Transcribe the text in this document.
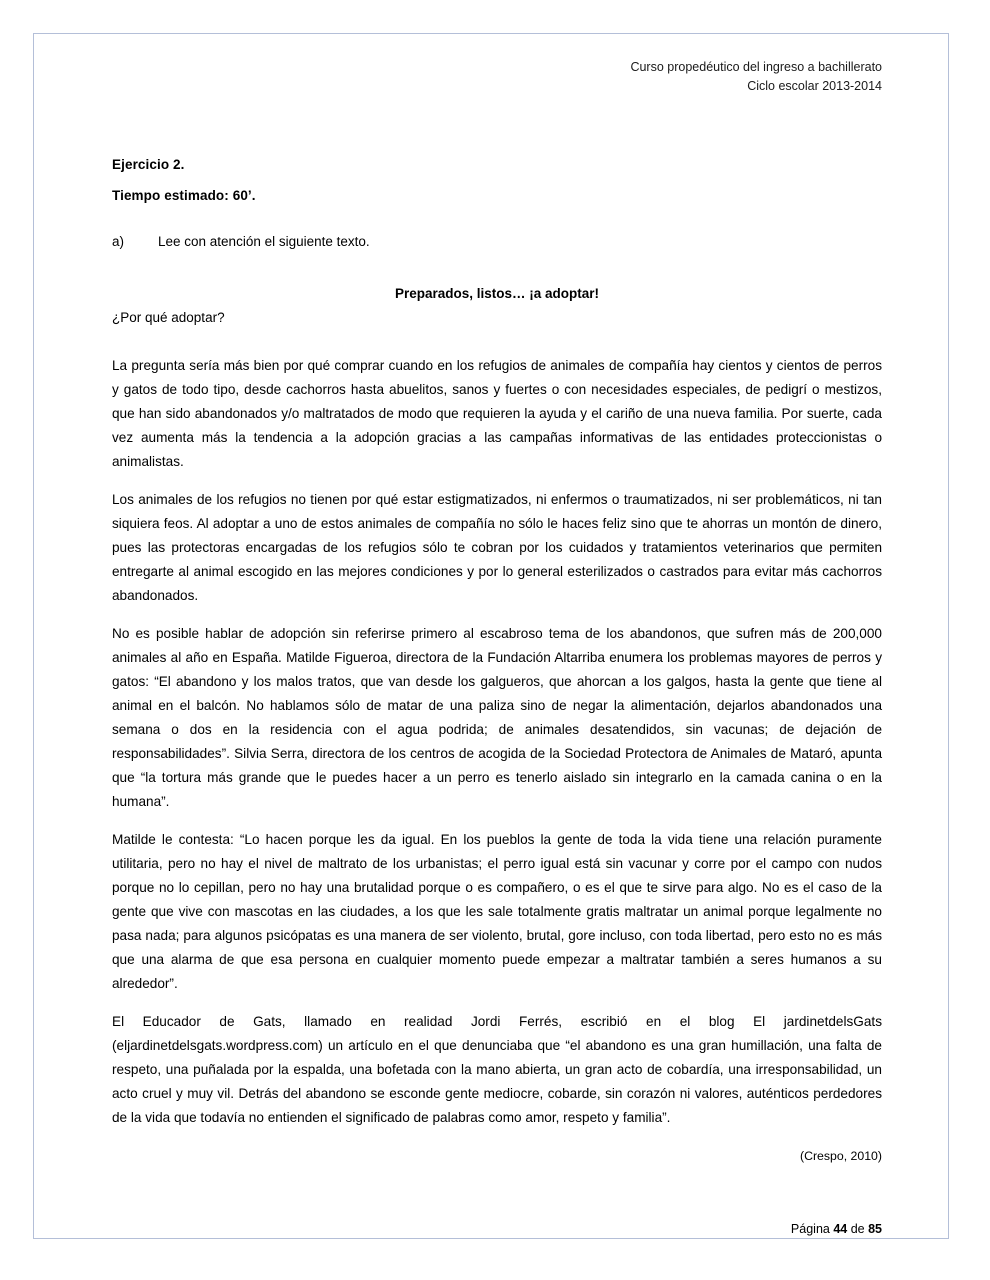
Curso propedéutico del ingreso a bachillerato
Ciclo escolar 2013-2014
Ejercicio 2.
Tiempo estimado: 60’.
a)	Lee con atención el siguiente texto.
Preparados, listos… ¡a adoptar!
¿Por qué adoptar?

La pregunta sería más bien por qué comprar cuando en los refugios de animales de compañía hay cientos y cientos de perros y gatos de todo tipo, desde cachorros hasta abuelitos, sanos y fuertes o con necesidades especiales, de pedigrí o mestizos, que han sido abandonados y/o maltratados de modo que requieren la ayuda y el cariño de una nueva familia. Por suerte, cada vez aumenta más la tendencia a la adopción gracias a las campañas informativas de las entidades proteccionistas o animalistas.

Los animales de los refugios no tienen por qué estar estigmatizados, ni enfermos o traumatizados, ni ser problemáticos, ni tan siquiera feos. Al adoptar a uno de estos animales de compañía no sólo le haces feliz sino que te ahorras un montón de dinero, pues las protectoras encargadas de los refugios sólo te cobran por los cuidados y tratamientos veterinarios que permiten entregarte al animal escogido en las mejores condiciones y por lo general esterilizados o castrados para evitar más cachorros abandonados.

No es posible hablar de adopción sin referirse primero al escabroso tema de los abandonos, que sufren más de 200,000 animales al año en España. Matilde Figueroa, directora de la Fundación Altarriba enumera los problemas mayores de perros y gatos: “El abandono y los malos tratos, que van desde los galgueros, que ahorcan a los galgos, hasta la gente que tiene al animal en el balcón. No hablamos sólo de matar de una paliza sino de negar la alimentación, dejarlos abandonados una semana o dos en la residencia con el agua podrida; de animales desatendidos, sin vacunas; de dejación de responsabilidades”. Silvia Serra, directora de los centros de acogida de la Sociedad Protectora de Animales de Mataró, apunta que “la tortura más grande que le puedes hacer a un perro es tenerlo aislado sin integrarlo en la camada canina o en la humana”.

Matilde le contesta: “Lo hacen porque les da igual. En los pueblos la gente de toda la vida tiene una relación puramente utilitaria, pero no hay el nivel de maltrato de los urbanistas; el perro igual está sin vacunar y corre por el campo con nudos porque no lo cepillan, pero no hay una brutalidad porque o es compañero, o es el que te sirve para algo. No es el caso de la gente que vive con mascotas en las ciudades, a los que les sale totalmente gratis maltratar un animal porque legalmente no pasa nada; para algunos psicópatas es una manera de ser violento, brutal, gore incluso, con toda libertad, pero esto no es más que una alarma de que esa persona en cualquier momento puede empezar a maltratar también a seres humanos a su alrededor”.

El Educador de Gats, llamado en realidad Jordi Ferrés, escribió en el blog El jardinetdelsGats (eljardinetdelsgats.wordpress.com) un artículo en el que denunciaba que “el abandono es una gran humillación, una falta de respeto, una puñalada por la espalda, una bofetada con la mano abierta, un gran acto de cobardía, una irresponsabilidad, un acto cruel y muy vil. Detrás del abandono se esconde gente mediocre, cobarde, sin corazón ni valores, auténticos perdedores de la vida que todavía no entienden el significado de palabras como amor, respeto y familia”.

(Crespo, 2010)

Página 44 de 85
